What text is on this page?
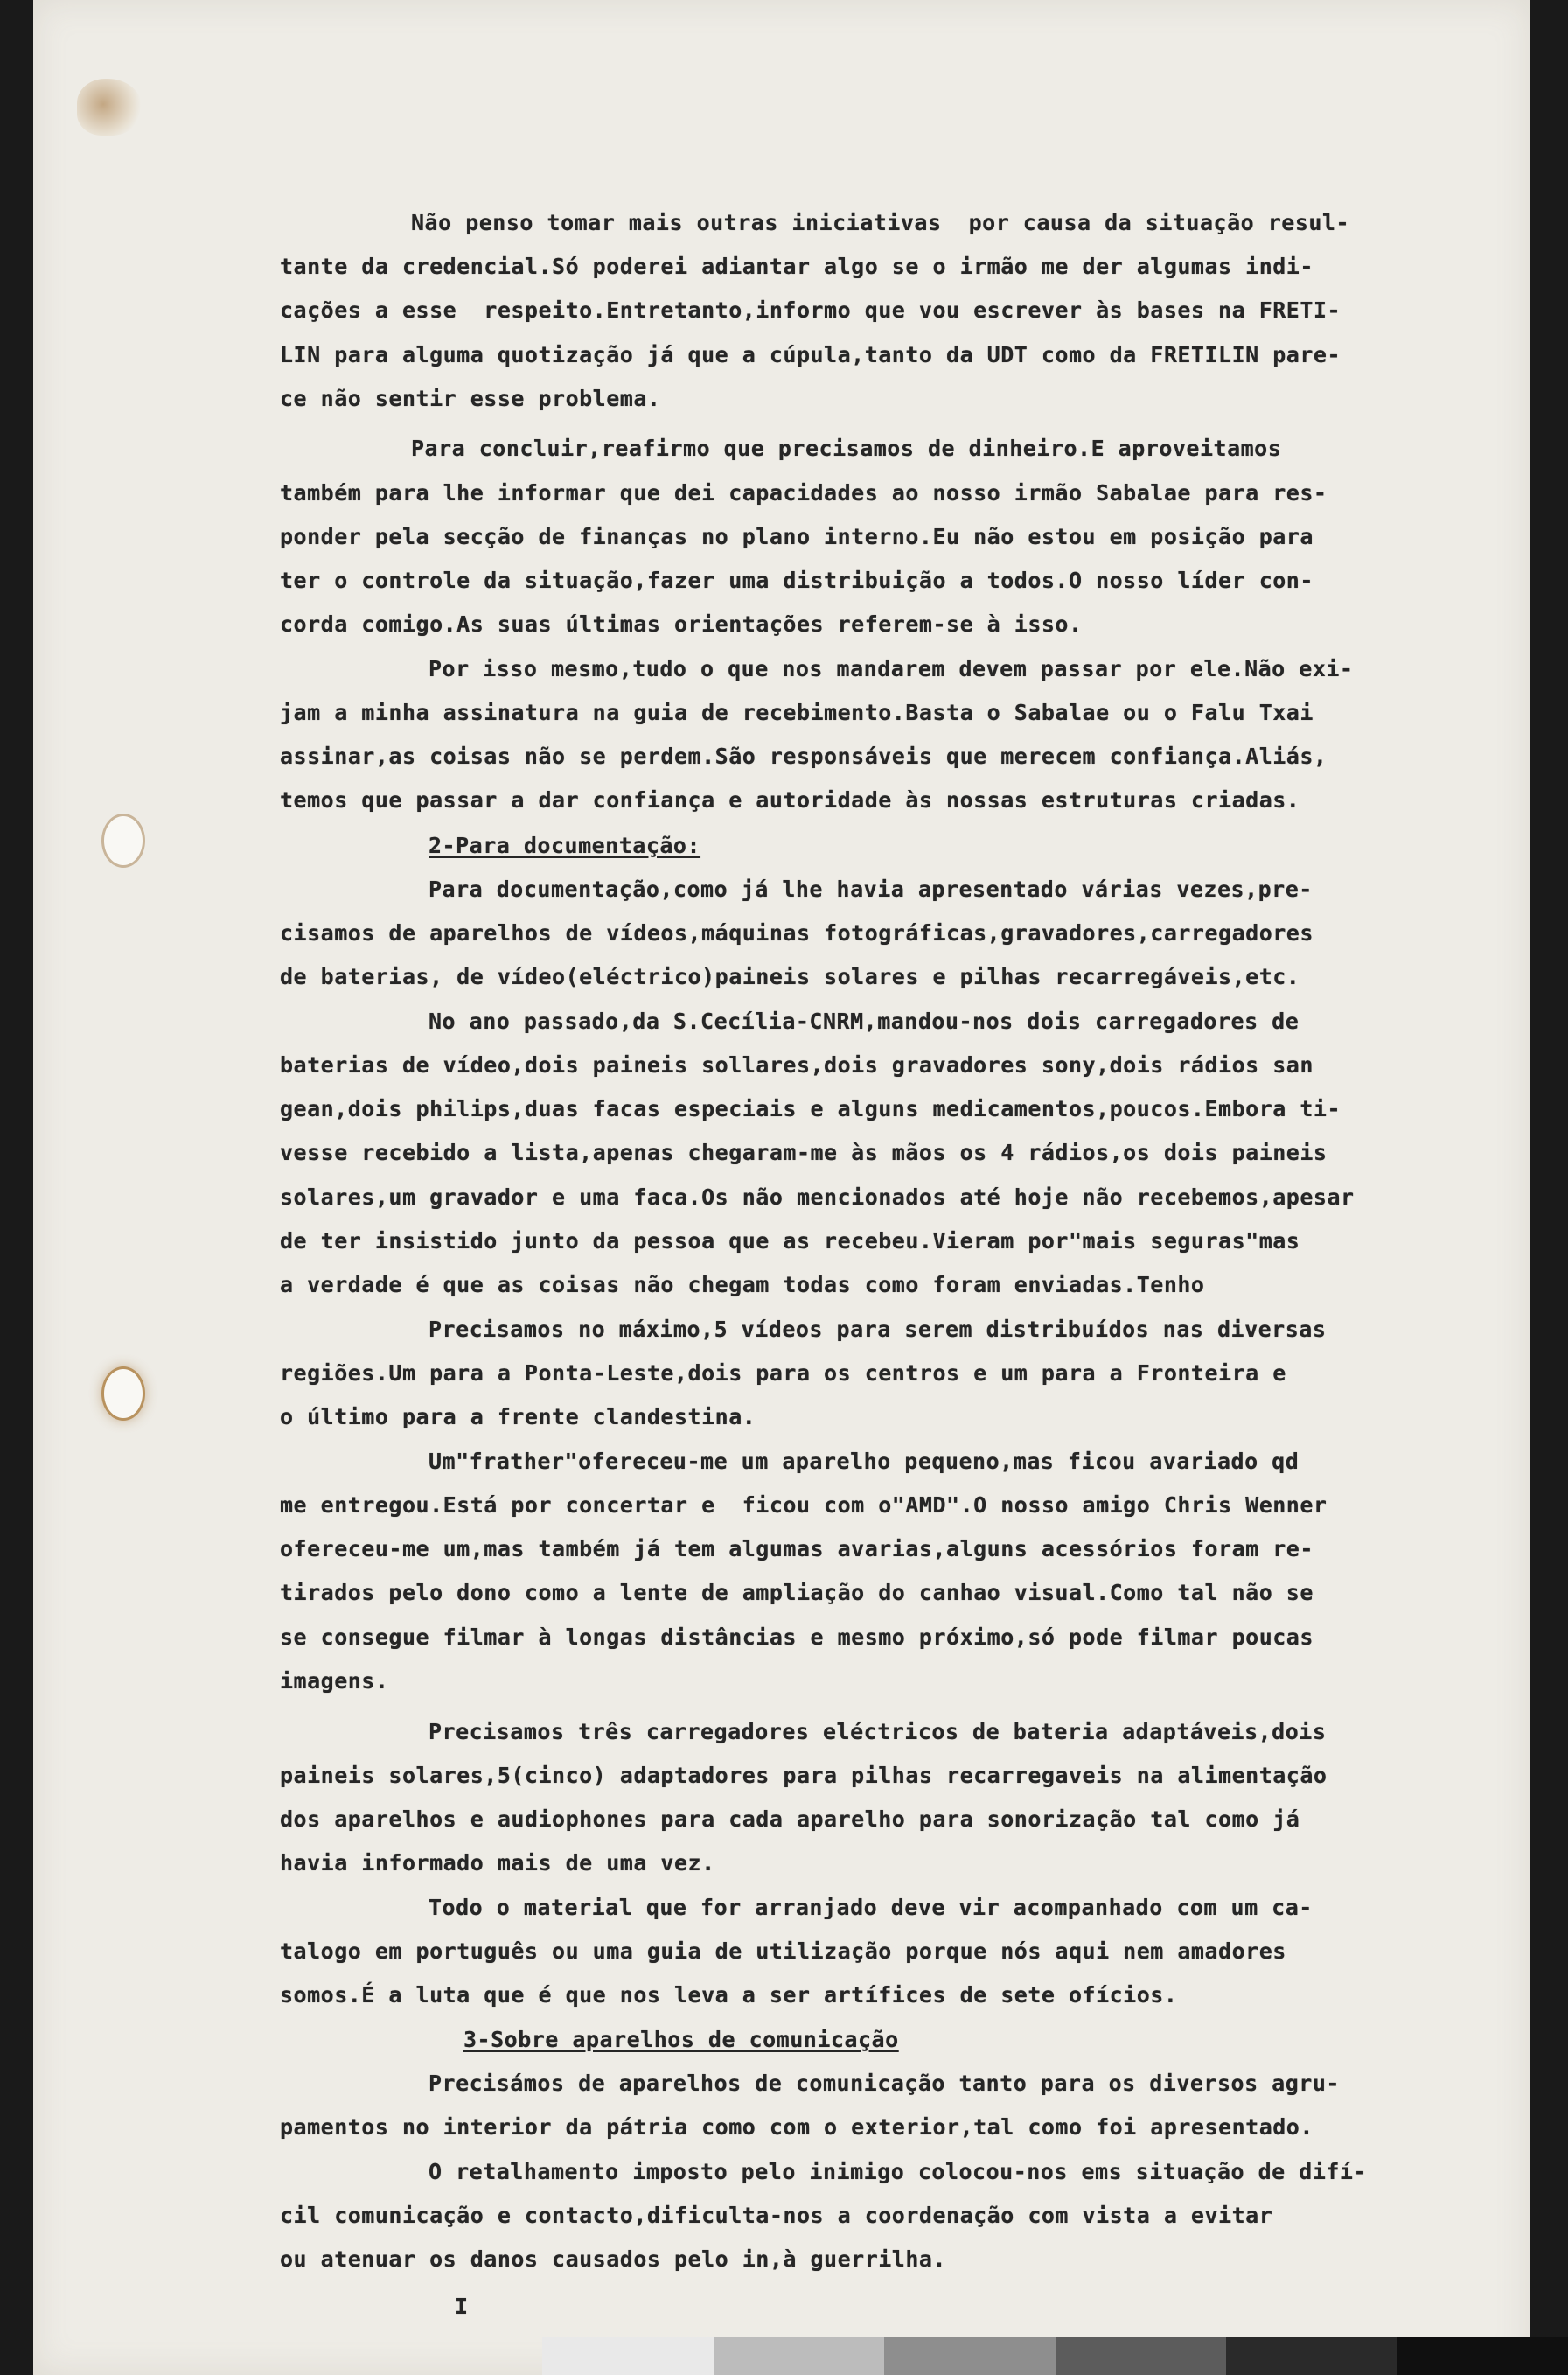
Não penso tomar mais outras iniciativas  por causa da situação resul-
tante da credencial.Só poderei adiantar algo se o irmão me der algumas indi-
cações a esse  respeito.Entretanto,informo que vou escrever às bases na FRETI-
LIN para alguma quotização já que a cúpula,tanto da UDT como da FRETILIN pare-
ce não sentir esse problema.
Para concluir,reafirmo que precisamos de dinheiro.E aproveitamos
também para lhe informar que dei capacidades ao nosso irmão Sabalae para res-
ponder pela secção de finanças no plano interno.Eu não estou em posição para
ter o controle da situação,fazer uma distribuição a todos.O nosso líder con-
corda comigo.As suas últimas orientações referem-se à isso.
Por isso mesmo,tudo o que nos mandarem devem passar por ele.Não exi-
jam a minha assinatura na guia de recebimento.Basta o Sabalae ou o Falu Txai
assinar,as coisas não se perdem.São responsáveis que merecem confiança.Aliás,
temos que passar a dar confiança e autoridade às nossas estruturas criadas.
2-Para documentação:
Para documentação,como já lhe havia apresentado várias vezes,pre-
cisamos de aparelhos de vídeos,máquinas fotográficas,gravadores,carregadores
de baterias, de vídeo(eléctrico)paineis solares e pilhas recarregáveis,etc.
No ano passado,da S.Cecília-CNRM,mandou-nos dois carregadores de
baterias de vídeo,dois paineis sollares,dois gravadores sony,dois rádios san
gean,dois philips,duas facas especiais e alguns medicamentos,poucos.Embora ti-
vesse recebido a lista,apenas chegaram-me às mãos os 4 rádios,os dois paineis
solares,um gravador e uma faca.Os não mencionados até hoje não recebemos,apesar
de ter insistido junto da pessoa que as recebeu.Vieram por"mais seguras"mas
a verdade é que as coisas não chegam todas como foram enviadas.Tenho
Precisamos no máximo,5 vídeos para serem distribuídos nas diversas
regiões.Um para a Ponta-Leste,dois para os centros e um para a Fronteira e
o último para a frente clandestina.
Um"frather"ofereceu-me um aparelho pequeno,mas ficou avariado qd
me entregou.Está por concertar e  ficou com o"AMD".O nosso amigo Chris Wenner
ofereceu-me um,mas também já tem algumas avarias,alguns acessórios foram re-
tirados pelo dono como a lente de ampliação do canhao visual.Como tal não se
se consegue filmar à longas distâncias e mesmo próximo,só pode filmar poucas
imagens.
Precisamos três carregadores eléctricos de bateria adaptáveis,dois
paineis solares,5(cinco) adaptadores para pilhas recarregaveis na alimentação
dos aparelhos e audiophones para cada aparelho para sonorização tal como já
havia informado mais de uma vez.
Todo o material que for arranjado deve vir acompanhado com um ca-
talogo em português ou uma guia de utilização porque nós aqui nem amadores
somos.É a luta que é que nos leva a ser artífices de sete ofícios.
3-Sobre aparelhos de comunicação
Precisámos de aparelhos de comunicação tanto para os diversos agru-
pamentos no interior da pátria como com o exterior,tal como foi apresentado.
O retalhamento imposto pelo inimigo colocou-nos ems situação de difí-
cil comunicação e contacto,dificulta-nos a coordenação com vista a evitar
ou atenuar os danos causados pelo in,à guerrilha.
I
